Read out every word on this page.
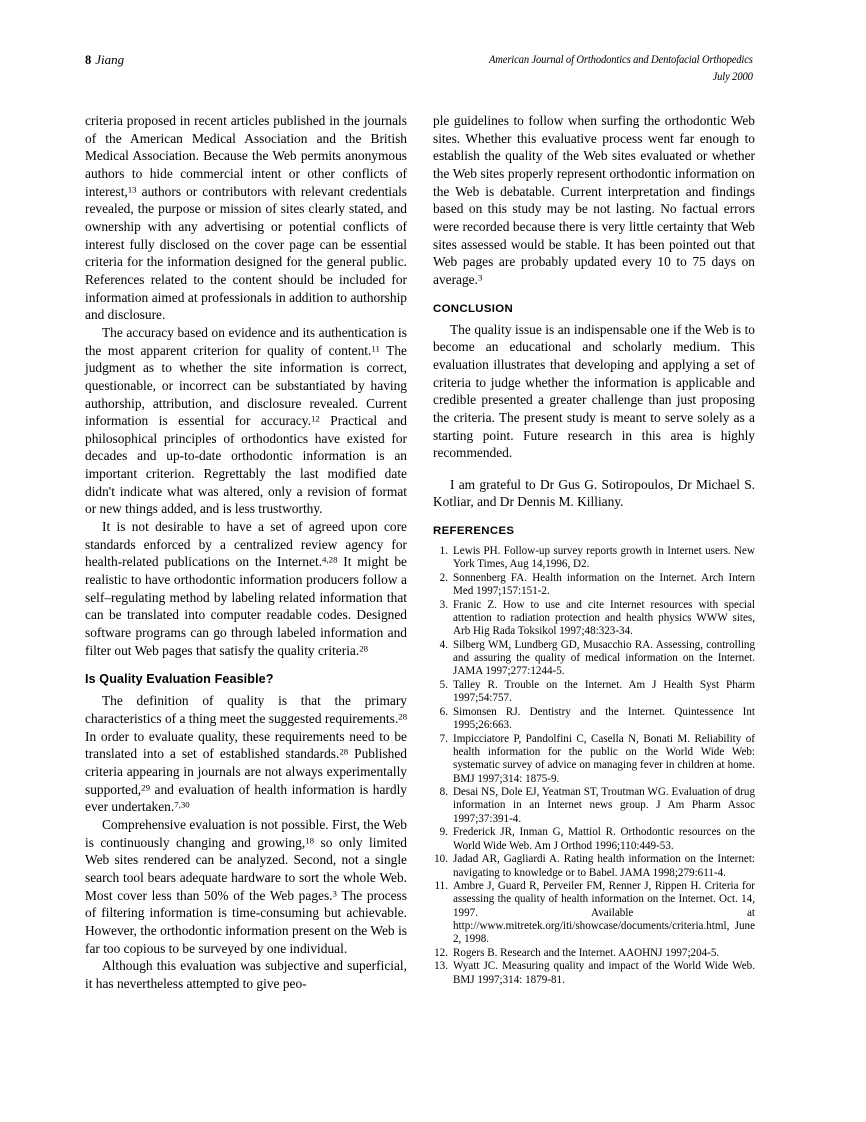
8 Jiang	American Journal of Orthodontics and Dentofacial Orthopedics
July 2000

criteria proposed in recent articles published in the journals of the American Medical Association and the British Medical Association. Because the Web permits anonymous authors to hide commercial intent or other conflicts of interest,$^{13}$ authors or contributors with relevant credentials revealed, the purpose or mission of sites clearly stated, and ownership with any advertising or potential conflicts of interest fully disclosed on the cover page can be essential criteria for the information designed for the general public. References related to the content should be included for information aimed at professionals in addition to authorship and disclosure.

The accuracy based on evidence and its authentication is the most apparent criterion for quality of content.$^{11}$ The judgment as to whether the site information is correct, questionable, or incorrect can be substantiated by having authorship, attribution, and disclosure revealed. Current information is essential for accuracy.$^{12}$ Practical and philosophical principles of orthodontics have existed for decades and up-to-date orthodontic information is an important criterion. Regrettably the last modified date didn't indicate what was altered, only a revision of format or new things added, and is less trustworthy.

It is not desirable to have a set of agreed upon core standards enforced by a centralized review agency for health-related publications on the Internet.$^{4,28}$ It might be realistic to have orthodontic information producers follow a self–regulating method by labeling related information that can be translated into computer readable codes. Designed software programs can go through labeled information and filter out Web pages that satisfy the quality criteria.$^{28}$

Is Quality Evaluation Feasible?

The definition of quality is that the primary characteristics of a thing meet the suggested requirements.$^{28}$ In order to evaluate quality, these requirements need to be translated into a set of established standards.$^{28}$ Published criteria appearing in journals are not always experimentally supported,$^{29}$ and evaluation of health information is hardly ever undertaken.$^{7,30}$

Comprehensive evaluation is not possible. First, the Web is continuously changing and growing,$^{18}$ so only limited Web sites rendered can be analyzed. Second, not a single search tool bears adequate hardware to sort the whole Web. Most cover less than 50% of the Web pages.$^3$ The process of filtering information is time-consuming but achievable. However, the orthodontic information present on the Web is far too copious to be surveyed by one individual.

Although this evaluation was subjective and superficial, it has nevertheless attempted to give peo-

ple guidelines to follow when surfing the orthodontic Web sites. Whether this evaluative process went far enough to establish the quality of the Web sites evaluated or whether the Web sites properly represent orthodontic information on the Web is debatable. Current interpretation and findings based on this study may be not lasting. No factual errors were recorded because there is very little certainty that Web sites assessed would be stable. It has been pointed out that Web pages are probably updated every 10 to 75 days on average.$^3$

CONCLUSION

The quality issue is an indispensable one if the Web is to become an educational and scholarly medium. This evaluation illustrates that developing and applying a set of criteria to judge whether the information is applicable and credible presented a greater challenge than just proposing the criteria. The present study is meant to serve solely as a starting point. Future research in this area is highly recommended.

I am grateful to Dr Gus G. Sotiropoulos, Dr Michael S. Kotliar, and Dr Dennis M. Killiany.

REFERENCES
1. Lewis PH. Follow-up survey reports growth in Internet users. New York Times, Aug 14,1996, D2.
2. Sonnenberg FA. Health information on the Internet. Arch Intern Med 1997;157:151-2.
3. Franic Z. How to use and cite Internet resources with special attention to radiation protection and health physics WWW sites, Arb Hig Rada Toksikol 1997;48:323-34.
4. Silberg WM, Lundberg GD, Musacchio RA. Assessing, controlling and assuring the quality of medical information on the Internet. JAMA 1997;277:1244-5.
5. Talley R. Trouble on the Internet. Am J Health Syst Pharm 1997;54:757.
6. Simonsen RJ. Dentistry and the Internet. Quintessence Int 1995;26:663.
7. Impicciatore P, Pandolfini C, Casella N, Bonati M. Reliability of health information for the public on the World Wide Web: systematic survey of advice on managing fever in children at home. BMJ 1997;314: 1875-9.
8. Desai NS, Dole EJ, Yeatman ST, Troutman WG. Evaluation of drug information in an Internet news group. J Am Pharm Assoc 1997;37:391-4.
9. Frederick JR, Inman G, Mattiol R. Orthodontic resources on the World Wide Web. Am J Orthod 1996;110:449-53.
10. Jadad AR, Gagliardi A. Rating health information on the Internet: navigating to knowledge or to Babel. JAMA 1998;279:611-4.
11. Ambre J, Guard R, Perveiler FM, Renner J, Rippen H. Criteria for assessing the quality of health information on the Internet. Oct. 14, 1997. Available at http://www.mitretek.org/iti/showcase/documents/criteria.html, June 2, 1998.
12. Rogers B. Research and the Internet. AAOHNJ 1997;204-5.
13. Wyatt JC. Measuring quality and impact of the World Wide Web. BMJ 1997;314: 1879-81.
